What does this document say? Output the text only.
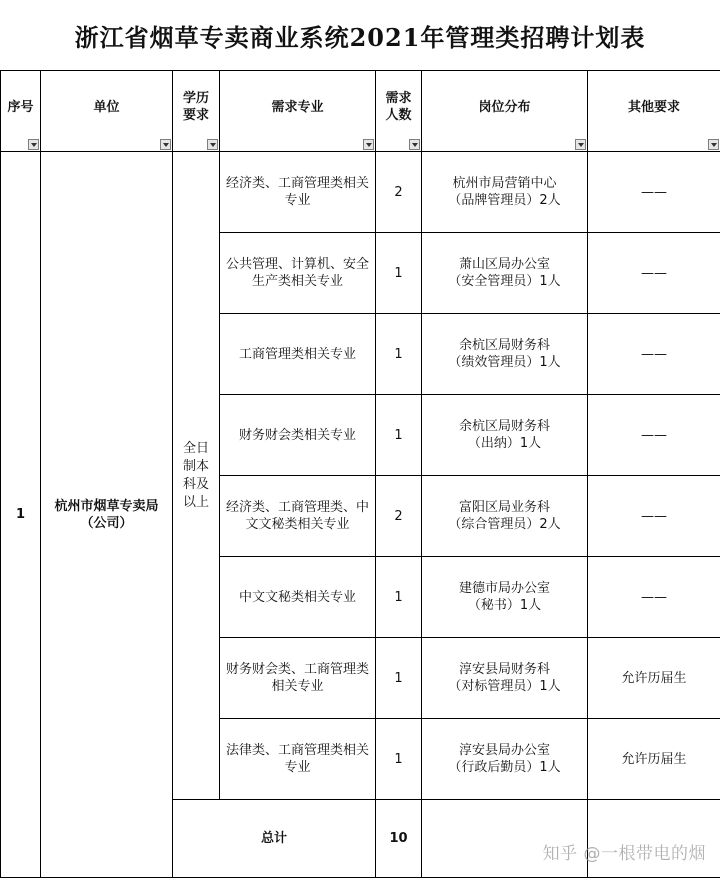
浙江省烟草专卖商业系统2021年管理类招聘计划表
序号	单位	学历要求	需求专业	需求人数	岗位分布	其他要求

1	杭州市烟草专卖局（公司）	全日制本科及以上	经济类、工商管理类相关专业	2	杭州市局营销中心
（品牌管理员）2人	——
			公共管理、计算机、安全生产类相关专业	1	萧山区局办公室
（安全管理员）1人	——
			工商管理类相关专业	1	余杭区局财务科
（绩效管理员）1人	——
			财务财会类相关专业	1	余杭区局财务科
（出纳）1人	——
			经济类、工商管理类、中文文秘类相关专业	2	富阳区局业务科
（综合管理员）2人	——
			中文文秘类相关专业	1	建德市局办公室
（秘书）1人	——
			财务财会类、工商管理类相关专业	1	淳安县局财务科
（对标管理员）1人	允许历届生
			法律类、工商管理类相关专业	1	淳安县局办公室
（行政后勤员）1人	允许历届生
		总计		10		
知乎 @一根带电的烟
